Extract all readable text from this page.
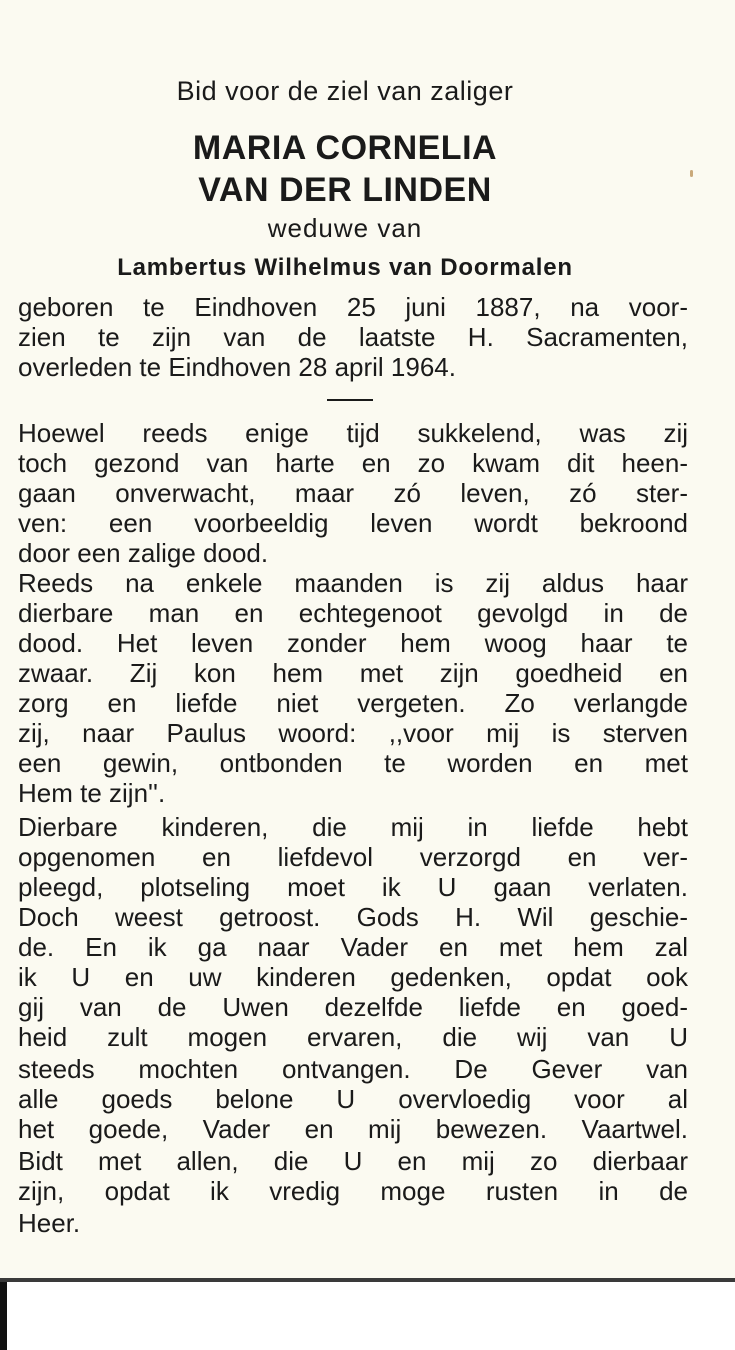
Bid voor de ziel van zaliger
MARIA CORNELIA
VAN DER LINDEN
weduwe van
Lambertus Wilhelmus van Doormalen
geboren te Eindhoven 25 juni 1887, na voor-
zien te zijn van de laatste H. Sacramenten,
overleden te Eindhoven 28 april 1964.
Hoewel reeds enige tijd sukkelend, was zij
toch gezond van harte en zo kwam dit heen-
gaan onverwacht, maar zó leven, zó ster-
ven: een voorbeeldig leven wordt bekroond
door een zalige dood.
Reeds na enkele maanden is zij aldus haar
dierbare man en echtegenoot gevolgd in de
dood. Het leven zonder hem woog haar te
zwaar. Zij kon hem met zijn goedheid en
zorg en liefde niet vergeten. Zo verlangde
zij, naar Paulus woord: ,,voor mij is sterven
een gewin, ontbonden te worden en met
Hem te zijn''.
Dierbare kinderen, die mij in liefde hebt
opgenomen en liefdevol verzorgd en ver-
pleegd, plotseling moet ik U gaan verlaten.
Doch weest getroost. Gods H. Wil geschie-
de. En ik ga naar Vader en met hem zal
ik U en uw kinderen gedenken, opdat ook
gij van de Uwen dezelfde liefde en goed-
heid zult mogen ervaren, die wij van U
steeds mochten ontvangen. De Gever van
alle goeds belone U overvloedig voor al
het goede, Vader en mij bewezen. Vaartwel.
Bidt met allen, die U en mij zo dierbaar
zijn, opdat ik vredig moge rusten in de
Heer.
